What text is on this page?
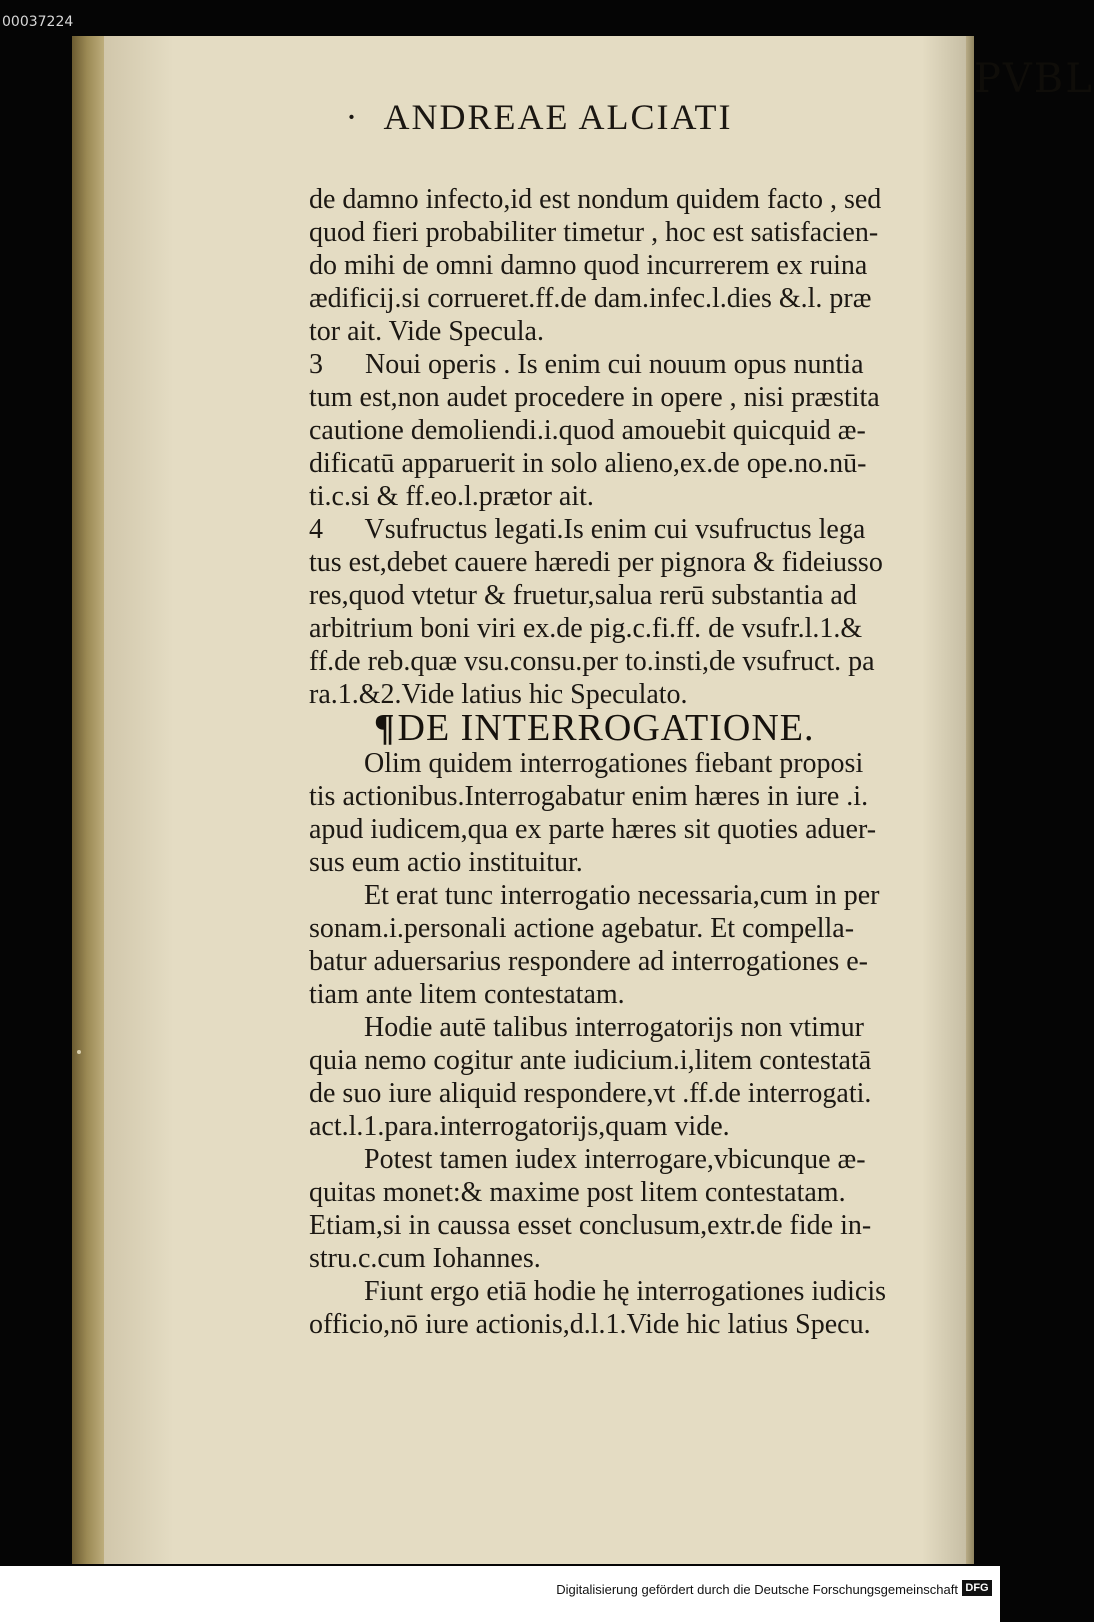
00037224
PVBL
· ANDREAE ALCIATI
de damno infecto,id est nondum quidem facto , sed
quod fieri probabiliter timetur , hoc est satisfacien-
do mihi de omni damno quod incurrerem ex ruina
ædificij.si corrueret.ff.de dam.infec.l.dies &.l. præ
tor ait. Vide Specula.
3      Noui operis . Is enim cui nouum opus nuntia
tum est,non audet procedere in opere , nisi præstita
cautione demoliendi.i.quod amouebit quicquid æ-
dificatū apparuerit in solo alieno,ex.de ope.no.nū-
ti.c.si & ff.eo.l.prætor ait.
4      Vsufructus legati.Is enim cui vsufructus lega
tus est,debet cauere hæredi per pignora & fideiusso
res,quod vtetur & fruetur,salua rerū substantia ad
arbitrium boni viri ex.de pig.c.fi.ff. de vsufr.l.1.&
ff.de reb.quæ vsu.consu.per to.insti,de vsufruct. pa
ra.1.&2.Vide latius hic Speculato.
Olim quidem interrogationes fiebant proposi
tis actionibus.Interrogabatur enim hæres in iure .i.
apud iudicem,qua ex parte hæres sit quoties aduer-
sus eum actio instituitur.
Et erat tunc interrogatio necessaria,cum in per
sonam.i.personali actione agebatur. Et compella-
batur aduersarius respondere ad interrogationes e-
tiam ante litem contestatam.
Hodie autē talibus interrogatorijs non vtimur
quia nemo cogitur ante iudicium.i,litem contestatā
de suo iure aliquid respondere,vt .ff.de interrogati.
act.l.1.para.interrogatorijs,quam vide.
Potest tamen iudex interrogare,vbicunque æ-
quitas monet:& maxime post litem contestatam.
Etiam,si in caussa esset conclusum,extr.de fide in-
stru.c.cum Iohannes.
Fiunt ergo etiā hodie hę interrogationes iudicis
officio,nō iure actionis,d.l.1.Vide hic latius Specu.
¶DE INTERROGATIONE.
Digitalisierung gefördert durch die Deutsche Forschungsgemeinschaft DFG
